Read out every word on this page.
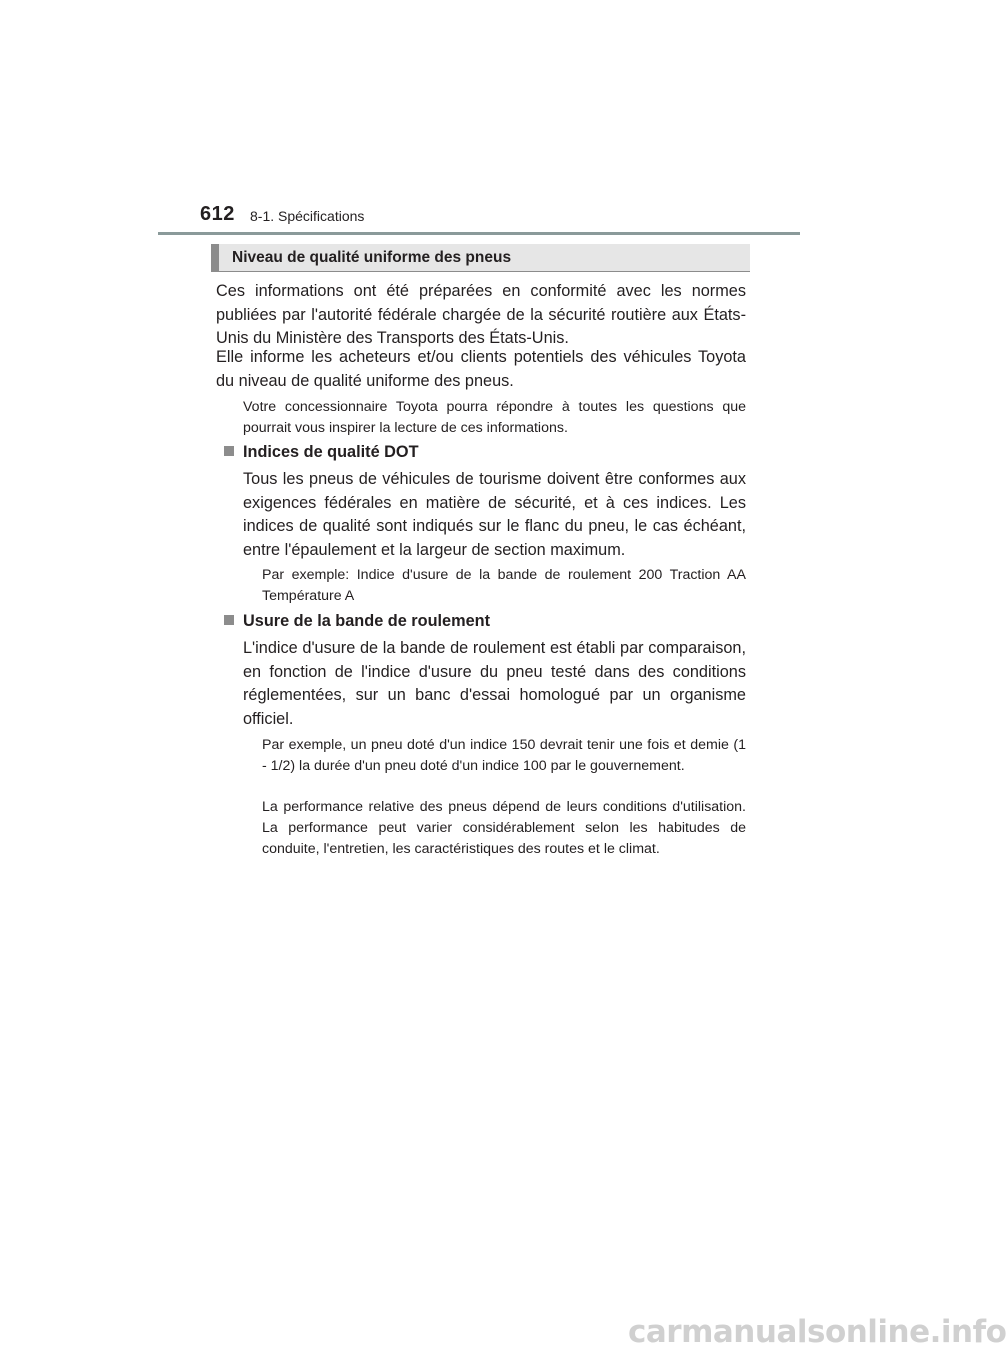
612 8-1. Spécifications
Niveau de qualité uniforme des pneus

Ces informations ont été préparées en conformité avec les normes publiées par l'autorité fédérale chargée de la sécurité routière aux États-Unis du Ministère des Transports des États-Unis.

Elle informe les acheteurs et/ou clients potentiels des véhicules Toyota du niveau de qualité uniforme des pneus.

Votre concessionnaire Toyota pourra répondre à toutes les questions que pourrait vous inspirer la lecture de ces informations.

Indices de qualité DOT

Tous les pneus de véhicules de tourisme doivent être conformes aux exigences fédérales en matière de sécurité, et à ces indices. Les indices de qualité sont indiqués sur le flanc du pneu, le cas échéant, entre l'épaulement et la largeur de section maximum.

Par exemple: Indice d'usure de la bande de roulement 200 Traction AA Température A

Usure de la bande de roulement

L'indice d'usure de la bande de roulement est établi par comparaison, en fonction de l'indice d'usure du pneu testé dans des conditions réglementées, sur un banc d'essai homologué par un organisme officiel.

Par exemple, un pneu doté d'un indice 150 devrait tenir une fois et demie (1 - 1/2) la durée d'un pneu doté d'un indice 100 par le gouvernement.

La performance relative des pneus dépend de leurs conditions d'utilisation. La performance peut varier considérablement selon les habitudes de conduite, l'entretien, les caractéristiques des routes et le climat.

carmanualsonline.info
